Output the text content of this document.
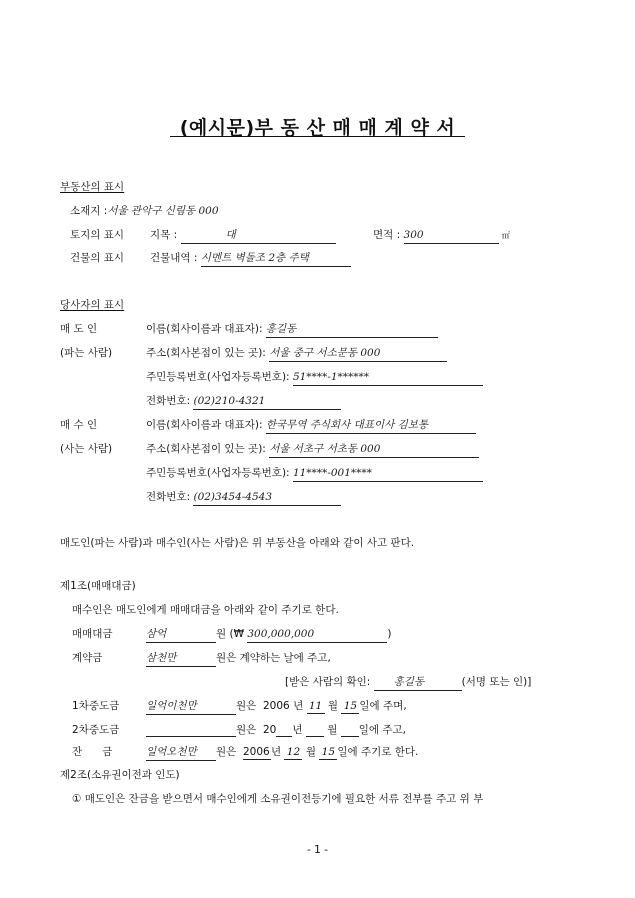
(예시문)부 동 산 매 매 계 약 서
부동산의 표시
소재지 :서울 관악구 신림동 000
토지의 표시 지목 :	대	면적 : 300	㎡
건물의 표시 건물내역 : 시멘트 벽돌조 2층 주택
당사자의 표시
매 도 인	이름(회사이름과 대표자): 홍길동
(파는 사람)	주소(회사본점이 있는 곳): 서울 중구 서소문동 000
주민등록번호(사업자등록번호): 51****-1******
전화번호: (02)210-4321
매 수 인	이름(회사이름과 대표자): 한국무역 주식회사 대표이사 김보통
(사는 사람)	주소(회사본점이 있는 곳): 서울 서초구 서초동 000
주민등록번호(사업자등록번호): 11****-001****
전화번호: (02)3454-4543
매도인(파는 사람)과 매수인(사는 사람)은 위 부동산을 아래와 같이 사고 판다.
제1조(매매대금)
매수인은 매도인에게 매매대금을 아래와 같이 주기로 한다.
매매대금	삼억	원 (₩ 300,000,000	)
계약금	삼천만	원은 계약하는 날에 주고,
[받은 사람의 확인: 홍길동	(서명 또는 인)]
1차중도금	일억이천만	원은 2006 년 11 월 15 일에 주며,
2차중도금	원은 20 년 월 일에 주고,
잔      금	일억오천만 원은 2006년 12 월 15 일에 주기로 한다.
제2조(소유권이전과 인도)
① 매도인은 잔금을 받으면서 매수인에게 소유권이전등기에 필요한 서류 전부를 주고 위 부
- 1 -
